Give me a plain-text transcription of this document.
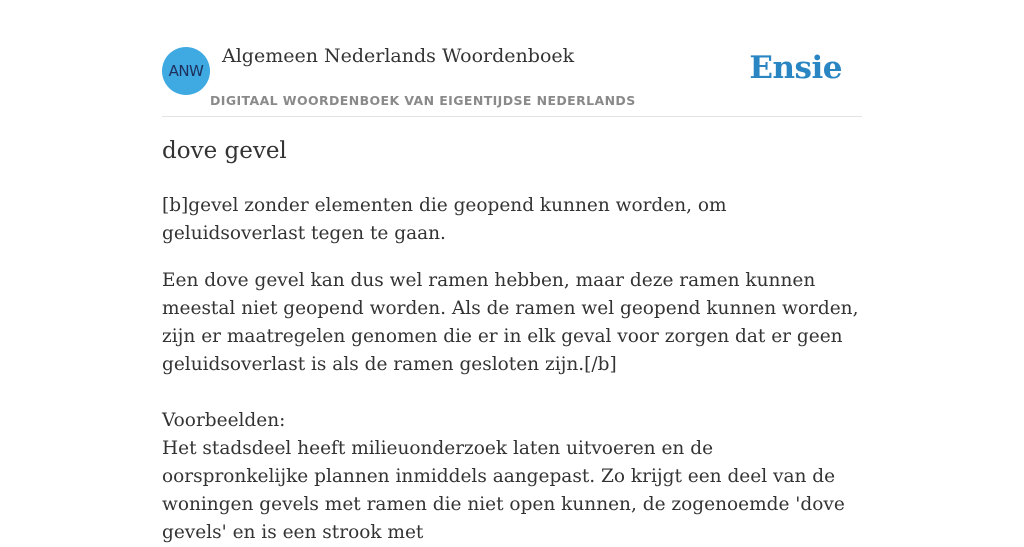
ANW
Algemeen Nederlands Woordenboek
DIGITAAL WOORDENBOEK VAN EIGENTIJDSE NEDERLANDS
Ensie
dove gevel

[b]gevel zonder elementen die geopend kunnen worden, om geluidsoverlast tegen te gaan.

Een dove gevel kan dus wel ramen hebben, maar deze ramen kunnen meestal niet geopend worden. Als de ramen wel geopend kunnen worden, zijn er maatregelen genomen die er in elk geval voor zorgen dat er geen geluidsoverlast is als de ramen gesloten zijn.[/b]

Voorbeelden:
Het stadsdeel heeft milieuonderzoek laten uitvoeren en de oorspronkelijke plannen inmiddels aangepast. Zo krijgt een deel van de woningen gevels met ramen die niet open kunnen, de zogenoemde 'dove gevels' en is een strook met
